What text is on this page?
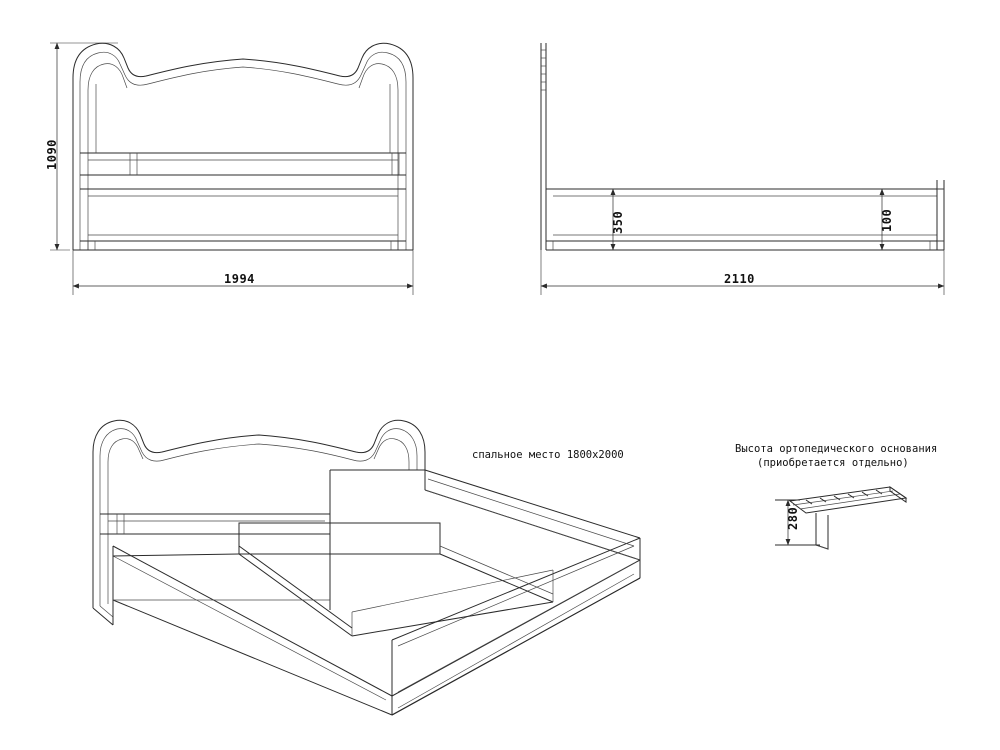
1090
1994
350	100
2110
спальное место 1800x2000	Высота ортопедического основания
(приобретается отдельно)
280
